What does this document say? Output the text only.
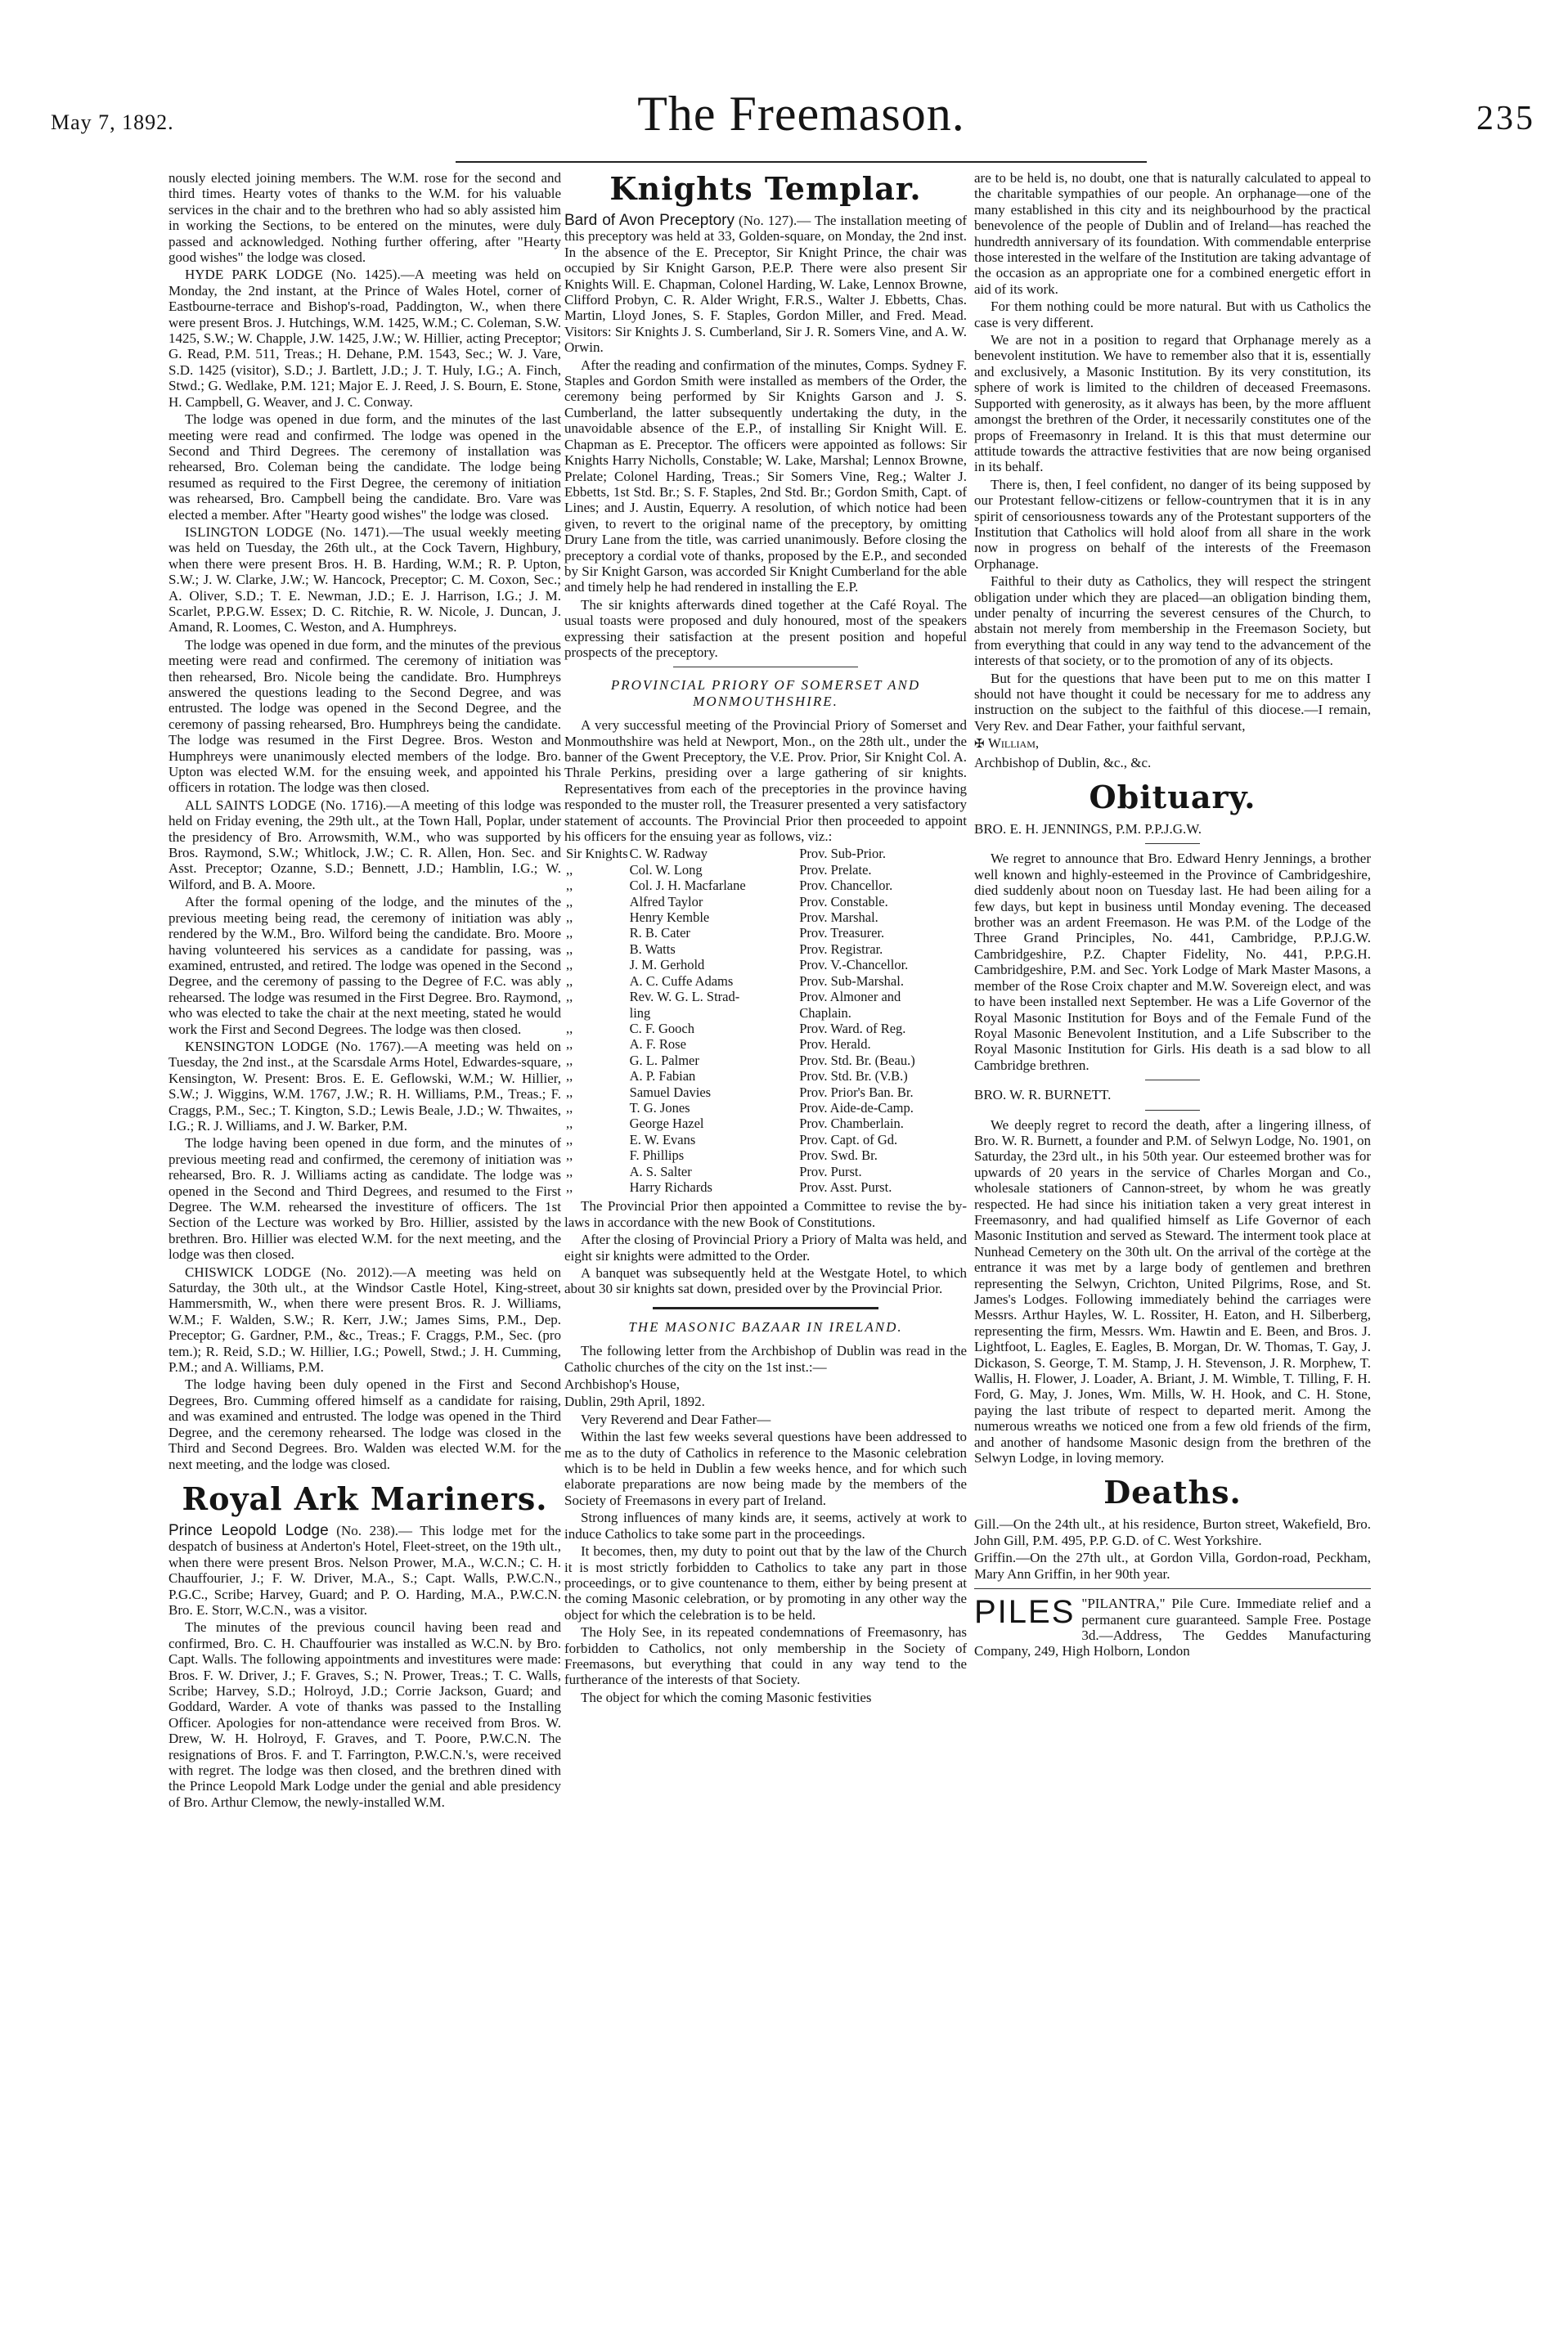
May 7, 1892.	The Freemason.	235

nously elected joining members. The W.M. rose for the second and third times. Hearty votes of thanks to the W.M. for his valuable services in the chair and to the brethren who had so ably assisted him in working the Sections, to be entered on the minutes, were duly passed and acknowledged. Nothing further offering, after "Hearty good wishes" the lodge was closed.

HYDE PARK LODGE (No. 1425).—A meeting was held on Monday, the 2nd instant, at the Prince of Wales Hotel, corner of Eastbourne-terrace and Bishop's-road, Paddington, W., when there were present Bros. J. Hutchings, W.M. 1425, W.M.; C. Coleman, S.W. 1425, S.W.; W. Chapple, J.W. 1425, J.W.; W. Hillier, acting Preceptor; G. Read, P.M. 511, Treas.; H. Dehane, P.M. 1543, Sec.; W. J. Vare, S.D. 1425 (visitor), S.D.; J. Bartlett, J.D.; J. T. Huly, I.G.; A. Finch, Stwd.; G. Wedlake, P.M. 121; Major E. J. Reed, J. S. Bourn, E. Stone, H. Campbell, G. Weaver, and J. C. Conway.

The lodge was opened in due form, and the minutes of the last meeting were read and confirmed. The lodge was opened in the Second and Third Degrees. The ceremony of installation was rehearsed, Bro. Coleman being the candidate. The lodge being resumed as required to the First Degree, the ceremony of initiation was rehearsed, Bro. Campbell being the candidate. Bro. Vare was elected a member. After "Hearty good wishes" the lodge was closed.

ISLINGTON LODGE (No. 1471).—The usual weekly meeting was held on Tuesday, the 26th ult., at the Cock Tavern, Highbury, when there were present Bros. H. B. Harding, W.M.; R. P. Upton, S.W.; J. W. Clarke, J.W.; W. Hancock, Preceptor; C. M. Coxon, Sec.; A. Oliver, S.D.; T. E. Newman, J.D.; E. J. Harrison, I.G.; J. M. Scarlet, P.P.G.W. Essex; D. C. Ritchie, R. W. Nicole, J. Duncan, J. Amand, R. Loomes, C. Weston, and A. Humphreys.

The lodge was opened in due form, and the minutes of the previous meeting were read and confirmed. The ceremony of initiation was then rehearsed, Bro. Nicole being the candidate. Bro. Humphreys answered the questions leading to the Second Degree, and was entrusted. The lodge was opened in the Second Degree, and the ceremony of passing rehearsed, Bro. Humphreys being the candidate. The lodge was resumed in the First Degree. Bros. Weston and Humphreys were unanimously elected members of the lodge. Bro. Upton was elected W.M. for the ensuing week, and appointed his officers in rotation. The lodge was then closed.

ALL SAINTS LODGE (No. 1716).—A meeting of this lodge was held on Friday evening, the 29th ult., at the Town Hall, Poplar, under the presidency of Bro. Arrowsmith, W.M., who was supported by Bros. Raymond, S.W.; Whitlock, J.W.; C. R. Allen, Hon. Sec. and Asst. Preceptor; Ozanne, S.D.; Bennett, J.D.; Hamblin, I.G.; W. Wilford, and B. A. Moore.

After the formal opening of the lodge, and the minutes of the previous meeting being read, the ceremony of initiation was ably rendered by the W.M., Bro. Wilford being the candidate. Bro. Moore having volunteered his services as a candidate for passing, was examined, entrusted, and retired. The lodge was opened in the Second Degree, and the ceremony of passing to the Degree of F.C. was ably rehearsed. The lodge was resumed in the First Degree. Bro. Raymond, who was elected to take the chair at the next meeting, stated he would work the First and Second Degrees. The lodge was then closed.

KENSINGTON LODGE (No. 1767).—A meeting was held on Tuesday, the 2nd inst., at the Scarsdale Arms Hotel, Edwardes-square, Kensington, W. Present: Bros. E. E. Geflowski, W.M.; W. Hillier, S.W.; J. Wiggins, W.M. 1767, J.W.; R. H. Williams, P.M., Treas.; F. Craggs, P.M., Sec.; T. Kington, S.D.; Lewis Beale, J.D.; W. Thwaites, I.G.; R. J. Williams, and J. W. Barker, P.M.

The lodge having been opened in due form, and the minutes of previous meeting read and confirmed, the ceremony of initiation was rehearsed, Bro. R. J. Williams acting as candidate. The lodge was opened in the Second and Third Degrees, and resumed to the First Degree. The W.M. rehearsed the investiture of officers. The 1st Section of the Lecture was worked by Bro. Hillier, assisted by the brethren. Bro. Hillier was elected W.M. for the next meeting, and the lodge was then closed.

CHISWICK LODGE (No. 2012).—A meeting was held on Saturday, the 30th ult., at the Windsor Castle Hotel, King-street, Hammersmith, W., when there were present Bros. R. J. Williams, W.M.; F. Walden, S.W.; R. Kerr, J.W.; James Sims, P.M., Dep. Preceptor; G. Gardner, P.M., &c., Treas.; F. Craggs, P.M., Sec. (pro tem.); R. Reid, S.D.; W. Hillier, I.G.; Powell, Stwd.; J. H. Cumming, P.M.; and A. Williams, P.M.

The lodge having been duly opened in the First and Second Degrees, Bro. Cumming offered himself as a candidate for raising, and was examined and entrusted. The lodge was opened in the Third Degree, and the ceremony rehearsed. The lodge was closed in the Third and Second Degrees. Bro. Walden was elected W.M. for the next meeting, and the lodge was closed.

Royal Ark Mariners.

Prince Leopold Lodge (No. 238).— This lodge met for the despatch of business at Anderton's Hotel, Fleet-street, on the 19th ult., when there were present Bros. Nelson Prower, M.A., W.C.N.; C. H. Chauffourier, J.; F. W. Driver, M.A., S.; Capt. Walls, P.W.C.N., P.G.C., Scribe; Harvey, Guard; and P. O. Harding, M.A., P.W.C.N. Bro. E. Storr, W.C.N., was a visitor.

The minutes of the previous council having been read and confirmed, Bro. C. H. Chauffourier was installed as W.C.N. by Bro. Capt. Walls. The following appointments and investitures were made: Bros. F. W. Driver, J.; F. Graves, S.; N. Prower, Treas.; T. C. Walls, Scribe; Harvey, S.D.; Holroyd, J.D.; Corrie Jackson, Guard; and Goddard, Warder. A vote of thanks was passed to the Installing Officer. Apologies for non-attendance were received from Bros. W. Drew, W. H. Holroyd, F. Graves, and T. Poore, P.W.C.N. The resignations of Bros. F. and T. Farrington, P.W.C.N.'s, were received with regret. The lodge was then closed, and the brethren dined with the Prince Leopold Mark Lodge under the genial and able presidency of Bro. Arthur Clemow, the newly-installed W.M.

Knights Templar.

Bard of Avon Preceptory (No. 127).— The installation meeting of this preceptory was held at 33, Golden-square, on Monday, the 2nd inst. In the absence of the E. Preceptor, Sir Knight Prince, the chair was occupied by Sir Knight Garson, P.E.P. There were also present Sir Knights Will. E. Chapman, Colonel Harding, W. Lake, Lennox Browne, Clifford Probyn, C. R. Alder Wright, F.R.S., Walter J. Ebbetts, Chas. Martin, Lloyd Jones, S. F. Staples, Gordon Miller, and Fred. Mead. Visitors: Sir Knights J. S. Cumberland, Sir J. R. Somers Vine, and A. W. Orwin.

After the reading and confirmation of the minutes, Comps. Sydney F. Staples and Gordon Smith were installed as members of the Order, the ceremony being performed by Sir Knights Garson and J. S. Cumberland, the latter subsequently undertaking the duty, in the unavoidable absence of the E.P., of installing Sir Knight Will. E. Chapman as E. Preceptor. The officers were appointed as follows: Sir Knights Harry Nicholls, Constable; W. Lake, Marshal; Lennox Browne, Prelate; Colonel Harding, Treas.; Sir Somers Vine, Reg.; Walter J. Ebbetts, 1st Std. Br.; S. F. Staples, 2nd Std. Br.; Gordon Smith, Capt. of Lines; and J. Austin, Equerry. A resolution, of which notice had been given, to revert to the original name of the preceptory, by omitting Drury Lane from the title, was carried unanimously. Before closing the preceptory a cordial vote of thanks, proposed by the E.P., and seconded by Sir Knight Garson, was accorded Sir Knight Cumberland for the able and timely help he had rendered in installing the E.P.

The sir knights afterwards dined together at the Café Royal. The usual toasts were proposed and duly honoured, most of the speakers expressing their satisfaction at the present position and hopeful prospects of the preceptory.

PROVINCIAL PRIORY OF SOMERSET AND MONMOUTHSHIRE.

A very successful meeting of the Provincial Priory of Somerset and Monmouthshire was held at Newport, Mon., on the 28th ult., under the banner of the Gwent Preceptory, the V.E. Prov. Prior, Sir Knight Col. A. Thrale Perkins, presiding over a large gathering of sir knights. Representatives from each of the preceptories in the province having responded to the muster roll, the Treasurer presented a very satisfactory statement of accounts. The Provincial Prior then proceeded to appoint his officers for the ensuing year as follows, viz.:

Sir Knights	C. W. Radway	Prov. Sub-Prior.
,,	Col. W. Long	Prov. Prelate.
,,	Col. J. H. Macfarlane	Prov. Chancellor.
,,	Alfred Taylor	Prov. Constable.
,,	Henry Kemble	Prov. Marshal.
,,	R. B. Cater	Prov. Treasurer.
,,	B. Watts	Prov. Registrar.
,,	J. M. Gerhold	Prov. V.-Chancellor.
,,	A. C. Cuffe Adams	Prov. Sub-Marshal.
,,	Rev. W. G. L. Strad-	Prov. Almoner and
	ling	Chaplain.
,,	C. F. Gooch	Prov. Ward. of Reg.
,,	A. F. Rose	Prov. Herald.
,,	G. L. Palmer	Prov. Std. Br. (Beau.)
,,	A. P. Fabian	Prov. Std. Br. (V.B.)
,,	Samuel Davies	Prov. Prior's Ban. Br.
,,	T. G. Jones	Prov. Aide-de-Camp.
,,	George Hazel	Prov. Chamberlain.
,,	E. W. Evans	Prov. Capt. of Gd.
,,	F. Phillips	Prov. Swd. Br.
,,	A. S. Salter	Prov. Purst.
,,	Harry Richards	Prov. Asst. Purst.

The Provincial Prior then appointed a Committee to revise the by-laws in accordance with the new Book of Constitutions.

After the closing of Provincial Priory a Priory of Malta was held, and eight sir knights were admitted to the Order.

A banquet was subsequently held at the Westgate Hotel, to which about 30 sir knights sat down, presided over by the Provincial Prior.

THE MASONIC BAZAAR IN IRELAND.

The following letter from the Archbishop of Dublin was read in the Catholic churches of the city on the 1st inst.:—

Archbishop's House,

Dublin, 29th April, 1892.

Very Reverend and Dear Father—

Within the last few weeks several questions have been addressed to me as to the duty of Catholics in reference to the Masonic celebration which is to be held in Dublin a few weeks hence, and for which such elaborate preparations are now being made by the members of the Society of Freemasons in every part of Ireland.

Strong influences of many kinds are, it seems, actively at work to induce Catholics to take some part in the proceedings.

It becomes, then, my duty to point out that by the law of the Church it is most strictly forbidden to Catholics to take any part in those proceedings, or to give countenance to them, either by being present at the coming Masonic celebration, or by promoting in any other way the object for which the celebration is to be held.

The Holy See, in its repeated condemnations of Freemasonry, has forbidden to Catholics, not only membership in the Society of Freemasons, but everything that could in any way tend to the furtherance of the interests of that Society.

The object for which the coming Masonic festivities

are to be held is, no doubt, one that is naturally calculated to appeal to the charitable sympathies of our people. An orphanage—one of the many established in this city and its neighbourhood by the practical benevolence of the people of Dublin and of Ireland—has reached the hundredth anniversary of its foundation. With commendable enterprise those interested in the welfare of the Institution are taking advantage of the occasion as an appropriate one for a combined energetic effort in aid of its work.

For them nothing could be more natural. But with us Catholics the case is very different.

We are not in a position to regard that Orphanage merely as a benevolent institution. We have to remember also that it is, essentially and exclusively, a Masonic Institution. By its very constitution, its sphere of work is limited to the children of deceased Freemasons. Supported with generosity, as it always has been, by the more affluent amongst the brethren of the Order, it necessarily constitutes one of the props of Freemasonry in Ireland. It is this that must determine our attitude towards the attractive festivities that are now being organised in its behalf.

There is, then, I feel confident, no danger of its being supposed by our Protestant fellow-citizens or fellow-countrymen that it is in any spirit of censoriousness towards any of the Protestant supporters of the Institution that Catholics will hold aloof from all share in the work now in progress on behalf of the interests of the Freemason Orphanage.

Faithful to their duty as Catholics, they will respect the stringent obligation under which they are placed—an obligation binding them, under penalty of incurring the severest censures of the Church, to abstain not merely from membership in the Freemason Society, but from everything that could in any way tend to the advancement of the interests of that society, or to the promotion of any of its objects.

But for the questions that have been put to me on this matter I should not have thought it could be necessary for me to address any instruction on the subject to the faithful of this diocese.—I remain, Very Rev. and Dear Father, your faithful servant,

✠ William,

Archbishop of Dublin, &c., &c.

Obituary.

BRO. E. H. JENNINGS, P.M. P.P.J.G.W.

We regret to announce that Bro. Edward Henry Jennings, a brother well known and highly-esteemed in the Province of Cambridgeshire, died suddenly about noon on Tuesday last. He had been ailing for a few days, but kept in business until Monday evening. The deceased brother was an ardent Freemason. He was P.M. of the Lodge of the Three Grand Principles, No. 441, Cambridge, P.P.J.G.W. Cambridgeshire, P.Z. Chapter Fidelity, No. 441, P.P.G.H. Cambridgeshire, P.M. and Sec. York Lodge of Mark Master Masons, a member of the Rose Croix chapter and M.W. Sovereign elect, and was to have been installed next September. He was a Life Governor of the Royal Masonic Institution for Boys and of the Female Fund of the Royal Masonic Benevolent Institution, and a Life Subscriber to the Royal Masonic Institution for Girls. His death is a sad blow to all Cambridge brethren.

BRO. W. R. BURNETT.

We deeply regret to record the death, after a lingering illness, of Bro. W. R. Burnett, a founder and P.M. of Selwyn Lodge, No. 1901, on Saturday, the 23rd ult., in his 50th year. Our esteemed brother was for upwards of 20 years in the service of Charles Morgan and Co., wholesale stationers of Cannon-street, by whom he was greatly respected. He had since his initiation taken a very great interest in Freemasonry, and had qualified himself as Life Governor of each Masonic Institution and served as Steward. The interment took place at Nunhead Cemetery on the 30th ult. On the arrival of the cortège at the entrance it was met by a large body of gentlemen and brethren representing the Selwyn, Crichton, United Pilgrims, Rose, and St. James's Lodges. Following immediately behind the carriages were Messrs. Arthur Hayles, W. L. Rossiter, H. Eaton, and H. Silberberg, representing the firm, Messrs. Wm. Hawtin and E. Been, and Bros. J. Lightfoot, L. Eagles, E. Eagles, B. Morgan, Dr. W. Thomas, T. Gay, J. Dickason, S. George, T. M. Stamp, J. H. Stevenson, J. R. Morphew, T. Wallis, H. Flower, J. Loader, A. Briant, J. M. Wimble, T. Tilling, F. H. Ford, G. May, J. Jones, Wm. Mills, W. H. Hook, and C. H. Stone, paying the last tribute of respect to departed merit. Among the numerous wreaths we noticed one from a few old friends of the firm, and another of handsome Masonic design from the brethren of the Selwyn Lodge, in loving memory.

Deaths.

Gill.—On the 24th ult., at his residence, Burton street, Wakefield, Bro. John Gill, P.M. 495, P.P. G.D. of C. West Yorkshire.

Griffin.—On the 27th ult., at Gordon Villa, Gordon-road, Peckham, Mary Ann Griffin, in her 90th year.

PILES "PILANTRA," Pile Cure. Immediate relief and a permanent cure guaranteed. Sample Free. Postage 3d.—Address, The Geddes Manufacturing Company, 249, High Holborn, London
